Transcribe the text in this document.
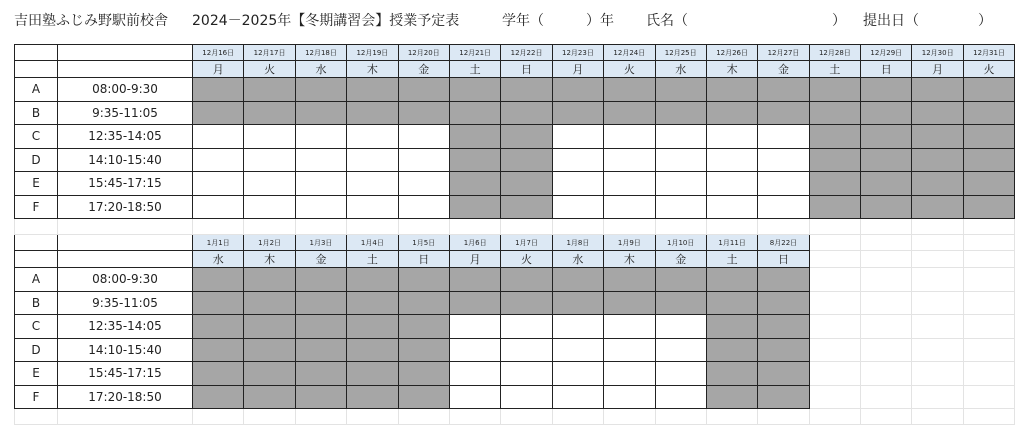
吉田塾ふじみ野駅前校舎 2024－2025年【冬期講習会】授業予定表	学年（　　　）年 氏名（	） 提出日（	）
		12月16日	12月17日	12月18日	12月19日	12月20日	12月21日	12月22日	12月23日	12月24日	12月25日	12月26日	12月27日	12月28日	12月29日	12月30日	12月31日
		月	火	水	木	金	土	日	月	火	水	木	金	土	日	月	火
A	08:00-9:30																
B	9:35-11:05																
C	12:35-14:05																
D	14:10-15:40																
E	15:45-17:15																
F	17:20-18:50																

		1月1日	1月2日	1月3日	1月4日	1月5日	1月6日	1月7日	1月8日	1月9日	1月10日	1月11日	8月22日				
		水	木	金	土	日	月	火	水	木	金	土	日				
A	08:00-9:30																
B	9:35-11:05																
C	12:35-14:05																
D	14:10-15:40																
E	15:45-17:15																
F	17:20-18:50																
